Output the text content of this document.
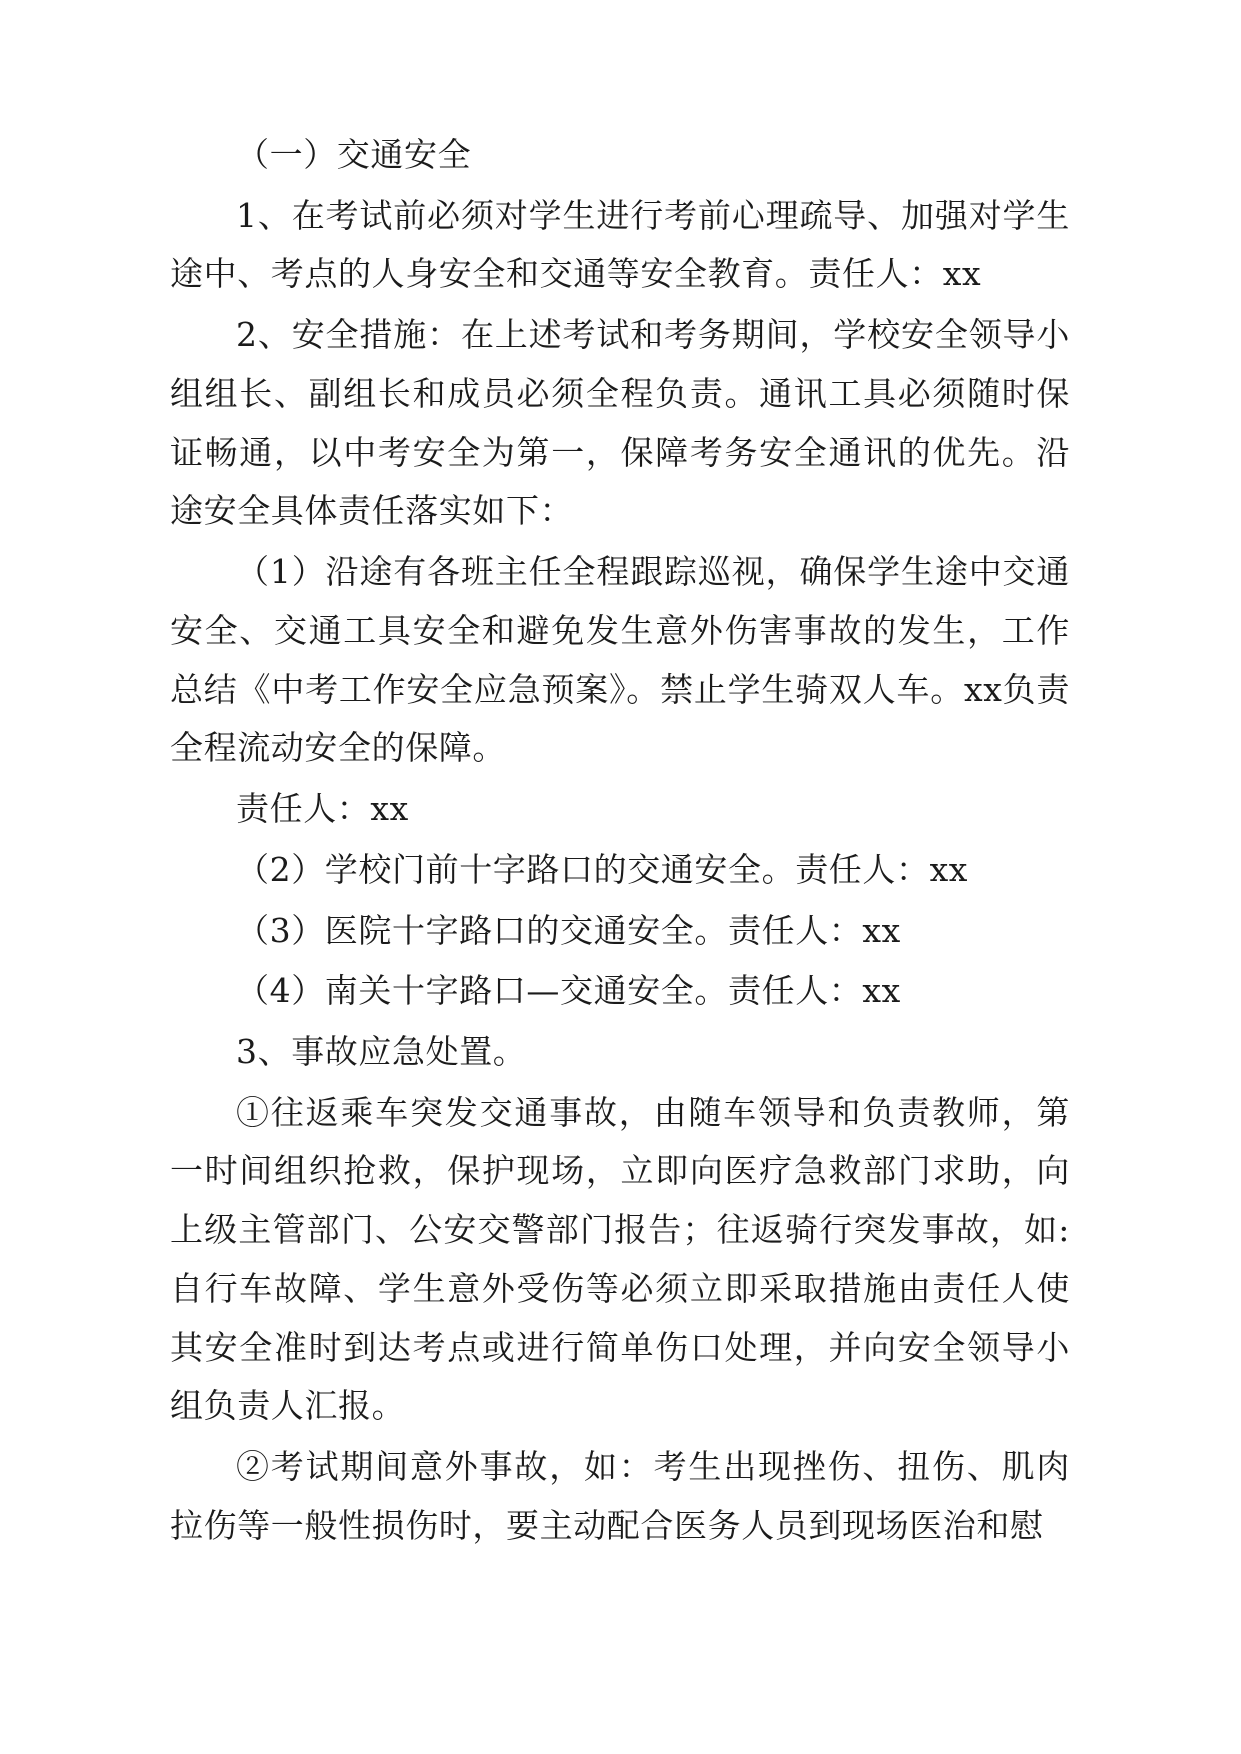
（一）交通安全

1、在考试前必须对学生进行考前心理疏导、加强对学生途中、考点的人身安全和交通等安全教育。责任人：xx

2、安全措施：在上述考试和考务期间，学校安全领导小组组长、副组长和成员必须全程负责。通讯工具必须随时保证畅通，以中考安全为第一，保障考务安全通讯的优先。沿途安全具体责任落实如下：

（1）沿途有各班主任全程跟踪巡视，确保学生途中交通安全、交通工具安全和避免发生意外伤害事故的发生，工作总结《中考工作安全应急预案》。禁止学生骑双人车。xx负责全程流动安全的保障。

责任人：xx

（2）学校门前十字路口的交通安全。责任人：xx

（3）医院十字路口的交通安全。责任人：xx

（4）南关十字路口—交通安全。责任人：xx

3、事故应急处置。

①往返乘车突发交通事故，由随车领导和负责教师，第一时间组织抢救，保护现场，立即向医疗急救部门求助，向上级主管部门、公安交警部门报告；往返骑行突发事故，如:自行车故障、学生意外受伤等必须立即采取措施由责任人使其安全准时到达考点或进行简单伤口处理，并向安全领导小组负责人汇报。

②考试期间意外事故，如：考生出现挫伤、扭伤、肌肉拉伤等一般性损伤时，要主动配合医务人员到现场医治和慰
